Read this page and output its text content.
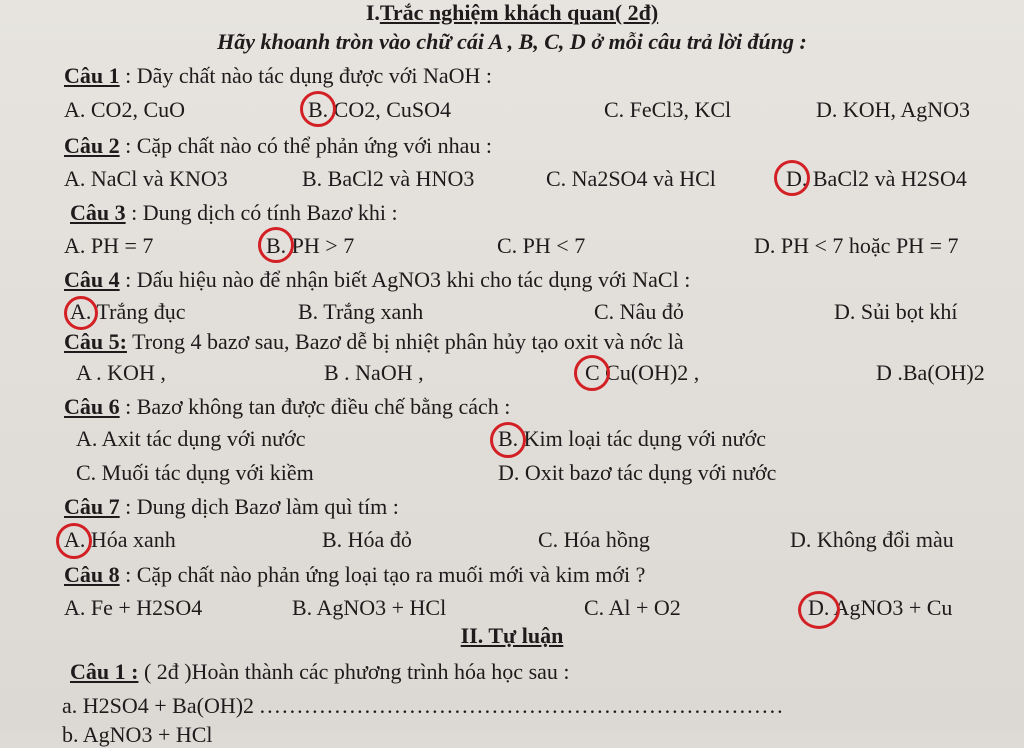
I.Trắc nghiệm khách quan( 2đ)
Hãy khoanh tròn vào chữ cái A , B, C, D ở mỗi câu trả lời đúng :
Câu 1 : Dãy chất nào tác dụng được với NaOH :
A. CO2, CuO	B. CO2, CuSO4	C. FeCl3, KCl	D. KOH, AgNO3
Câu 2 : Cặp chất nào có thể phản ứng với nhau :
A. NaCl và KNO3	B. BaCl2 và HNO3	C. Na2SO4 và HCl	D. BaCl2 và H2SO4
Câu 3 : Dung dịch có tính Bazơ khi :
A. PH = 7	B. PH > 7	C. PH < 7	D. PH < 7 hoặc PH = 7
Câu 4 : Dấu hiệu nào để nhận biết AgNO3 khi cho tác dụng với NaCl :
A. Trắng đục	B. Trắng xanh	C. Nâu đỏ	D. Sủi bọt khí
Câu 5: Trong 4 bazơ sau, Bazơ dễ bị nhiệt phân hủy tạo oxit và nớc là
A . KOH ,	B . NaOH ,	C Cu(OH)2 ,	D .Ba(OH)2
Câu 6 : Bazơ không tan được điều chế bằng cách :
A. Axit tác dụng với nước	B. Kim loại tác dụng với nước
C. Muối tác dụng với kiềm	D. Oxit bazơ tác dụng với nước
Câu 7 : Dung dịch Bazơ làm quì tím :
A. Hóa xanh	B. Hóa đỏ	C. Hóa hồng	D. Không đổi màu
Câu 8 : Cặp chất nào phản ứng loại tạo ra muối mới và kim mới ?
A. Fe + H2SO4	B. AgNO3 + HCl	C. Al + O2	D. AgNO3 + Cu
II. Tự luận
Câu 1 : ( 2đ )Hoàn thành các phương trình hóa học sau :
a. H2SO4 + Ba(OH)2 ......................................................................
b. AgNO3 + HCl
